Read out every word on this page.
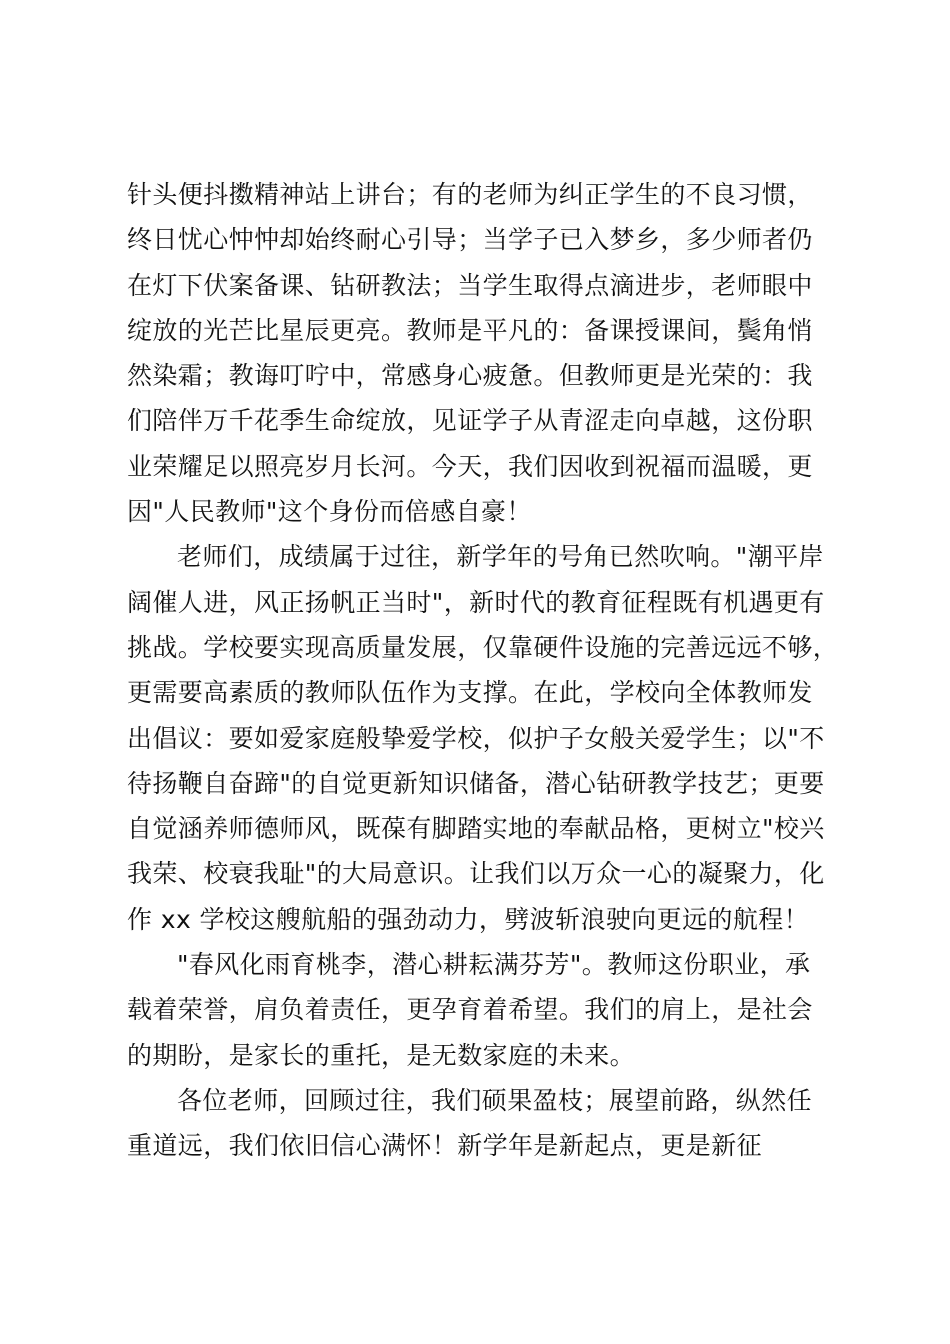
针头便抖擞精神站上讲台；有的老师为纠正学生的不良习惯，
终日忧心忡忡却始终耐心引导；当学子已入梦乡，多少师者仍
在灯下伏案备课、钻研教法；当学生取得点滴进步，老师眼中
绽放的光芒比星辰更亮。教师是平凡的：备课授课间，鬓角悄
然染霜；教诲叮咛中，常感身心疲惫。但教师更是光荣的：我
们陪伴万千花季生命绽放，见证学子从青涩走向卓越，这份职
业荣耀足以照亮岁月长河。今天，我们因收到祝福而温暖，更
因"人民教师"这个身份而倍感自豪！
老师们，成绩属于过往，新学年的号角已然吹响。"潮平岸
阔催人进，风正扬帆正当时"，新时代的教育征程既有机遇更有
挑战。学校要实现高质量发展，仅靠硬件设施的完善远远不够，
更需要高素质的教师队伍作为支撑。在此，学校向全体教师发
出倡议：要如爱家庭般挚爱学校，似护子女般关爱学生；以"不
待扬鞭自奋蹄"的自觉更新知识储备，潜心钻研教学技艺；更要
自觉涵养师德师风，既葆有脚踏实地的奉献品格，更树立"校兴
我荣、校衰我耻"的大局意识。让我们以万众一心的凝聚力，化
作 xx 学校这艘航船的强劲动力，劈波斩浪驶向更远的航程！
"春风化雨育桃李，潜心耕耘满芬芳"。教师这份职业，承
载着荣誉，肩负着责任，更孕育着希望。我们的肩上，是社会
的期盼，是家长的重托，是无数家庭的未来。
各位老师，回顾过往，我们硕果盈枝；展望前路，纵然任
重道远，我们依旧信心满怀！新学年是新起点，更是新征
